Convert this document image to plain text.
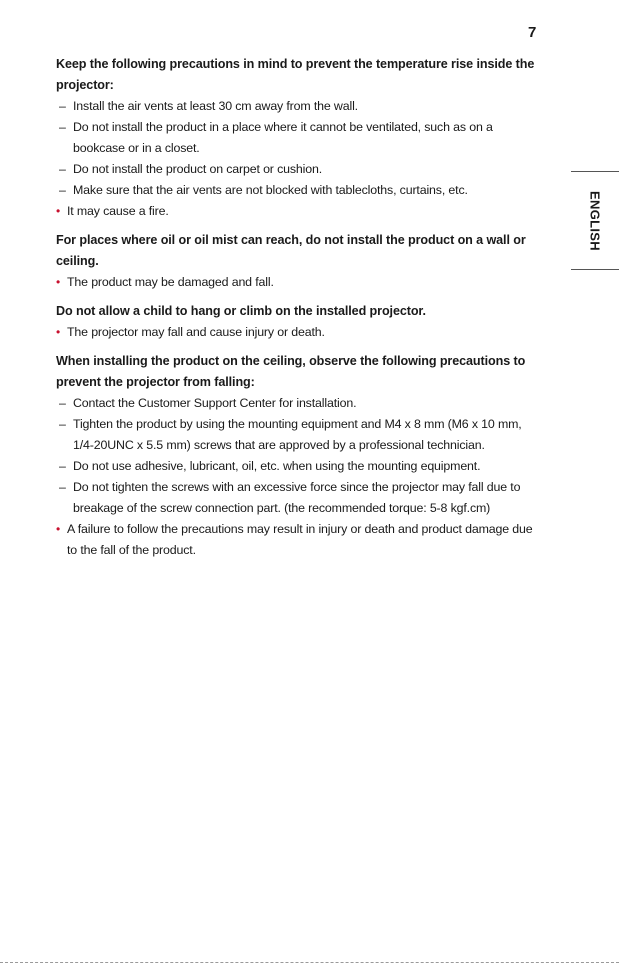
7
ENGLISH

Keep the following precautions in mind to prevent the temperature rise inside the projector:

– Install the air vents at least 30 cm away from the wall.
– Do not install the product in a place where it cannot be ventilated, such as on a bookcase or in a closet.
– Do not install the product on carpet or cushion.
– Make sure that the air vents are not blocked with tablecloths, curtains, etc.
• It may cause a fire.

For places where oil or oil mist can reach, do not install the product on a wall or ceiling.

• The product may be damaged and fall.

Do not allow a child to hang or climb on the installed projector.

• The projector may fall and cause injury or death.

When installing the product on the ceiling, observe the following precautions to prevent the projector from falling:

– Contact the Customer Support Center for installation.
– Tighten the product by using the mounting equipment and M4 x 8 mm (M6 x 10 mm, 1/4-20UNC x 5.5 mm) screws that are approved by a professional technician.
– Do not use adhesive, lubricant, oil, etc. when using the mounting equipment.
– Do not tighten the screws with an excessive force since the projector may fall due to breakage of the screw connection part. (the recommended torque: 5-8 kgf.cm)
• A failure to follow the precautions may result in injury or death and product damage due to the fall of the product.
